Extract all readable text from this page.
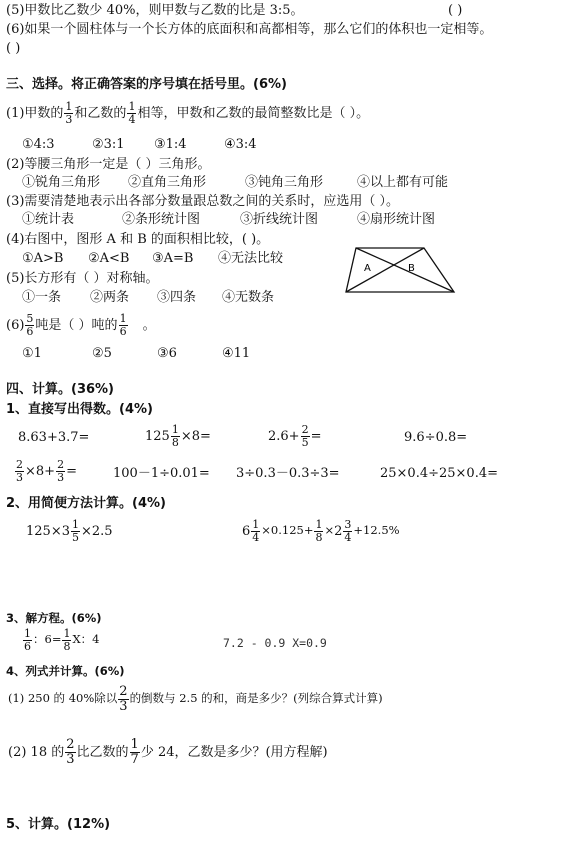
(5)甲数比乙数少 40%，则甲数与乙数的比是 3:5。	( )
(6)如果一个圆柱体与一个长方体的底面积和高都相等，那么它们的体积也一定相等。
( )
三、选择。将正确答案的序号填在括号里。(6%)
(1)甲数的 $\frac{1}{3}$ 和乙数的 $\frac{1}{4}$ 相等，甲数和乙数的最简整数比是（ ）。
①4:3	②3:1 ③1:4	④3:4
(2)等腰三角形一定是（ ）三角形。
①锐角三角形 ②直角三角形	③钝角三角形	④以上都有可能
(3)需要清楚地表示出各部分数量跟总数之间的关系时，应选用（ ）。
①统计表	②条形统计图	③折线统计图	④扇形统计图
(4)右图中，图形 A 和 B 的面积相比较，( )。
①A>B ②A<B ③A=B ④无法比较
A	B
(5)长方形有（ ）对称轴。
①一条 ②两条 ③四条 ④无数条
$(6) \frac{5}{6}$ 吨是（ ）吨的 $\frac{1}{6}$ 。
①1	②5	③6	④11
四、计算。(36%)
1、直接写出得数。(4%)
8.63+3.7=	$125 \frac{1}{8} \times 8=$	$2.6+ \frac{2}{5}$ =	9.6÷0.8=
$\frac{2}{3} \times 8+ \frac{2}{3}$ =	100－1÷0.01= 3÷0.3－0.3÷3=	25×0.4÷25×0.4=
2、用简便方法计算。(4%)
$125\times 3 \frac{1}{5} \times 2.5$	$6 \frac{1}{4} \times 0.125+ \frac{1}{8} \times 2 \frac{3}{4} +12.5\%$
3、解方程。(6%)
$\frac{1}{6}$ ：$6= \frac{1}{8}$ X：4	7.2 - 0.9 X=0.9
4、列式并计算。(6%)
(1) 250 的 40%除以 $\frac{2}{3}$ 的倒数与 2.5 的和，商是多少？(列综合算式计算)
(2) 18 的 $\frac{2}{3}$ 比乙数的 $\frac{1}{7}$ 少 24，乙数是多少？(用方程解)
5、计算。(12%)
